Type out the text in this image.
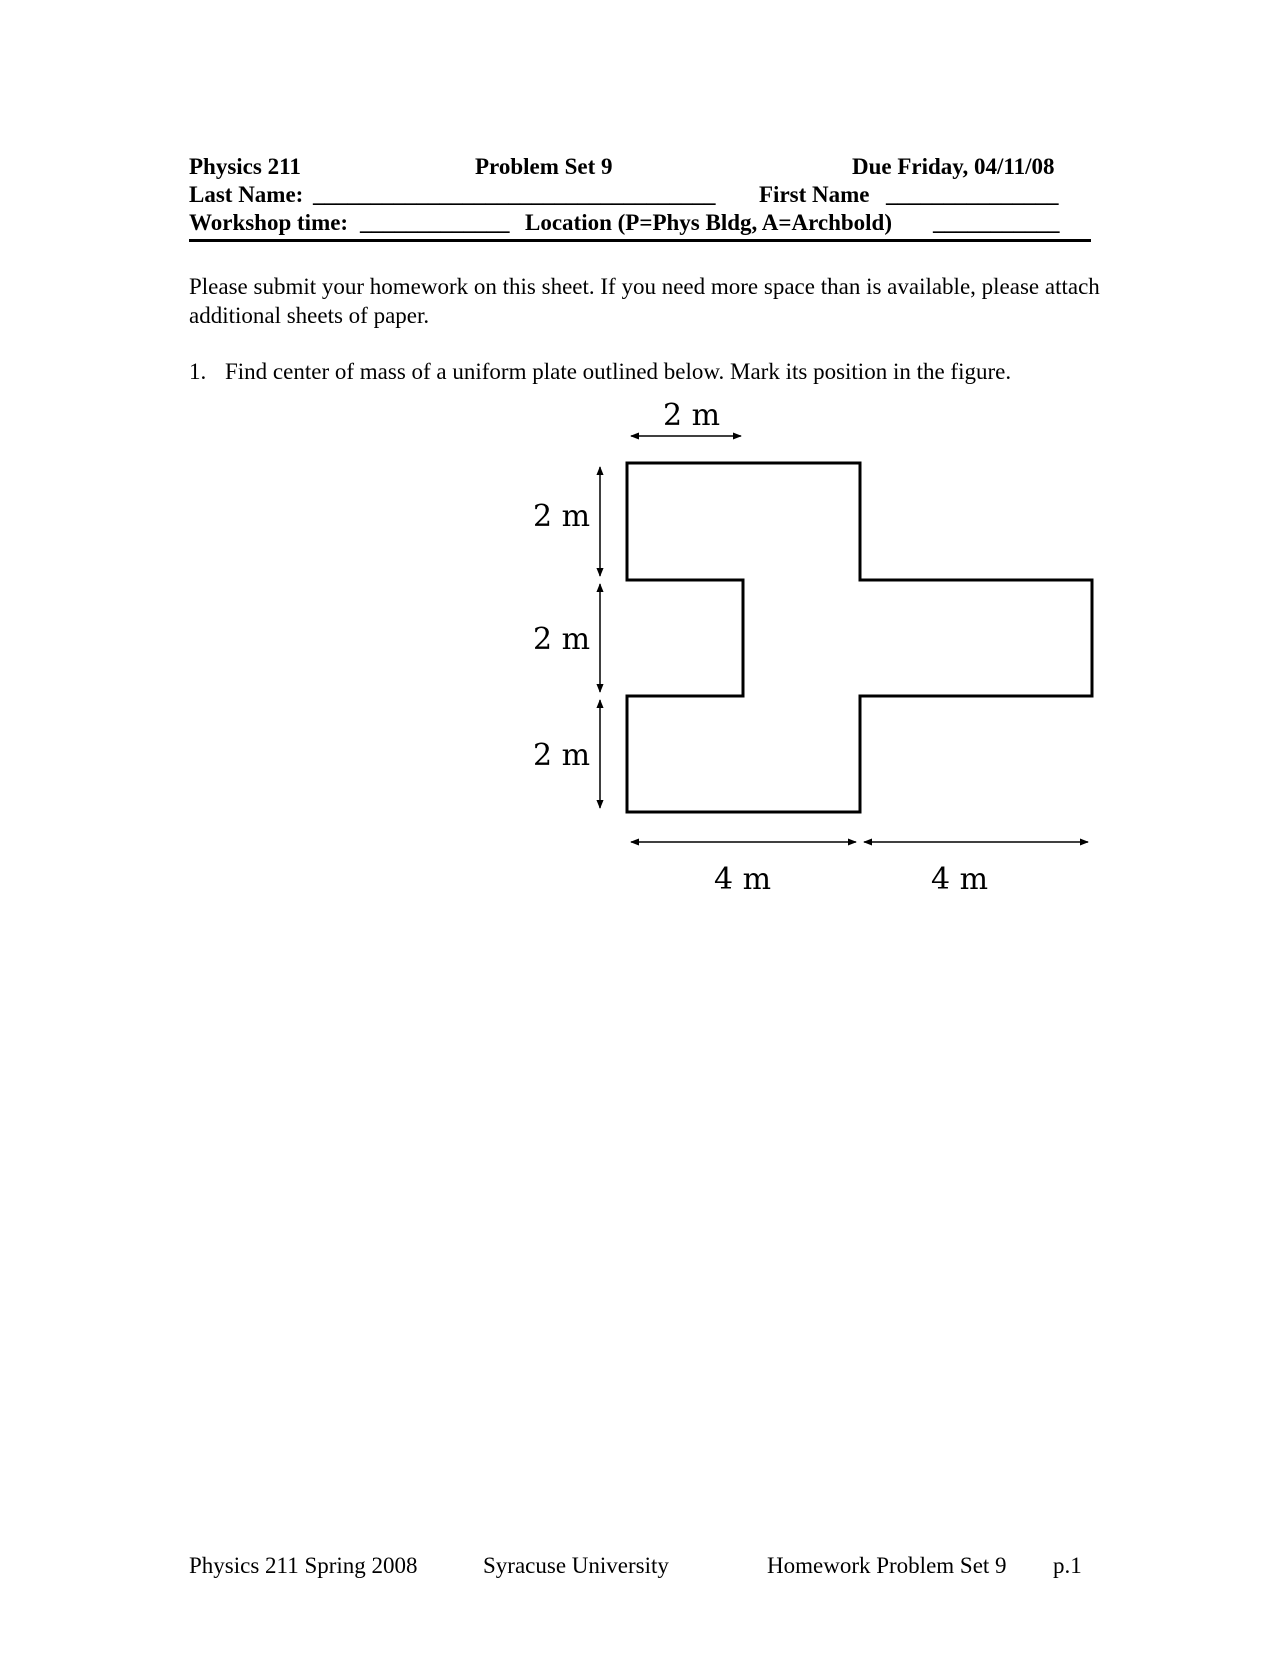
Physics 211

	Problem Set 9

	Due Friday, 04/11/08

Last Name:

___________________________________

First Name

_______________

Workshop time:

_____________

Location (P=Phys Bldg, A=Archbold)

___________

Please submit your homework on this sheet. If you need more space than is available, please attach additional sheets of paper.
1. Find center of mass of a uniform plate outlined below. Mark its position in the figure.
2 m
2 m
2 m
2 m
4 m	4 m
Physics 211 Spring 2008	Syracuse University	Homework Problem Set 9 p.1
